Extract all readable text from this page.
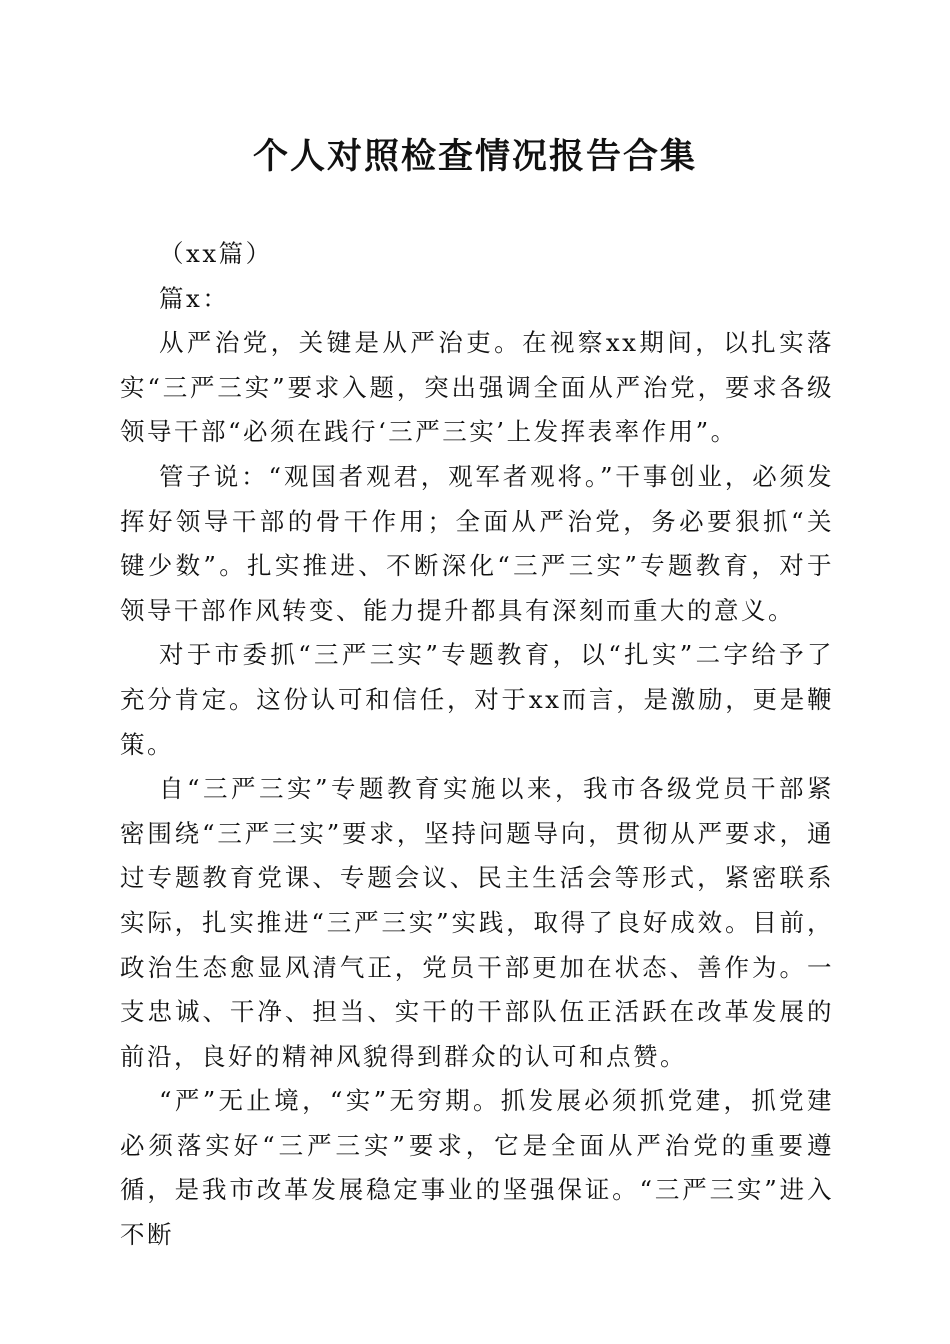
个人对照检查情况报告合集

（xx篇）

篇x：

从严治党，关键是从严治吏。在视察xx期间，以扎实落实“三严三实”要求入题，突出强调全面从严治党，要求各级领导干部“必须在践行‘三严三实’上发挥表率作用”。

管子说：“观国者观君，观军者观将。”干事创业，必须发挥好领导干部的骨干作用；全面从严治党，务必要狠抓“关键少数”。扎实推进、不断深化“三严三实”专题教育，对于领导干部作风转变、能力提升都具有深刻而重大的意义。

对于市委抓“三严三实”专题教育，以“扎实”二字给予了充分肯定。这份认可和信任，对于xx而言，是激励，更是鞭策。

自“三严三实”专题教育实施以来，我市各级党员干部紧密围绕“三严三实”要求，坚持问题导向，贯彻从严要求，通过专题教育党课、专题会议、民主生活会等形式，紧密联系实际，扎实推进“三严三实”实践，取得了良好成效。目前，政治生态愈显风清气正，党员干部更加在状态、善作为。一支忠诚、干净、担当、实干的干部队伍正活跃在改革发展的前沿，良好的精神风貌得到群众的认可和点赞。

“严”无止境，“实”无穷期。抓发展必须抓党建，抓党建必须落实好“三严三实”要求，它是全面从严治党的重要遵循，是我市改革发展稳定事业的坚强保证。“三严三实”进入不断
